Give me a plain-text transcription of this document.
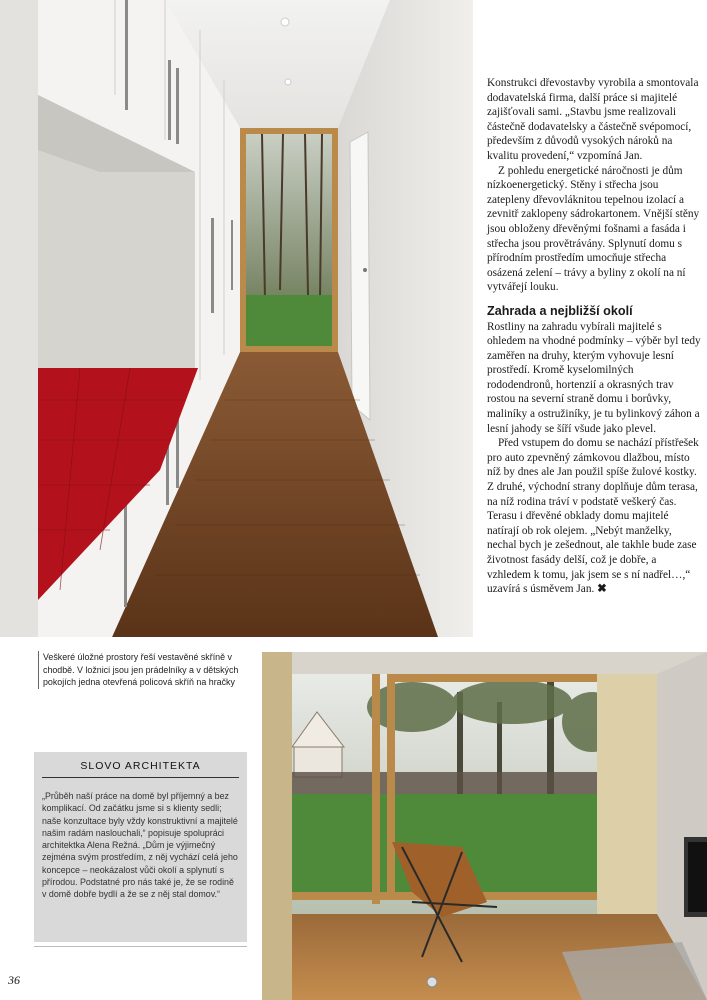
Konstrukci dřevostavby vyrobila a smontovala dodavatelská firma, další práce si majitelé zajišťovali sami. „Stavbu jsme realizovali částečně dodavatelsky a částečně svépomocí, především z důvodů vysokých nároků na kvalitu provedení,“ vzpomíná Jan.

Z pohledu energetické náročnosti je dům nízkoenergetický. Stěny i střecha jsou zatepleny dřevovláknitou tepelnou izolací a zevnitř zaklopeny sádrokartonem. Vnější stěny jsou obloženy dřevěnými fošnami a fasáda i střecha jsou provětrávány. Splynutí domu s přírodním prostředím umocňuje střecha osázená zelení – trávy a byliny z okolí na ní vytvářejí louku.

Zahrada a nejbližší okolí

Rostliny na zahradu vybírali majitelé s ohledem na vhodné podmínky – výběr byl tedy zaměřen na druhy, kterým vyhovuje lesní prostředí. Kromě kyselomilných rododendronů, hortenzií a okrasných trav rostou na severní straně domu i borůvky, maliníky a ostružiníky, je tu bylinkový záhon a lesní jahody se šíří všude jako plevel.

Před vstupem do domu se nachází přístřešek pro auto zpevněný zámkovou dlažbou, místo níž by dnes ale Jan použil spíše žulové kostky. Z druhé, východní strany doplňuje dům terasa, na níž rodina tráví v podstatě veškerý čas. Terasu i dřevěné obklady domu majitelé natírají ob rok olejem. „Nebýt manželky, nechal bych je zešednout, ale takhle bude zase životnost fasády delší, což je dobře, a vzhledem k tomu, jak jsem se s ní nadřel…,“ uzavírá s úsměvem Jan. ✖

Veškeré úložné prostory řeší vestavěné skříně v chodbě. V ložnici jsou jen prádelníky a v dětských pokojích jedna otevřená policová skříň na hračky
SLOVO ARCHITEKTA

„Průběh naší práce na domě byl příjemný a bez komplikací. Od začátku jsme si s klienty sedli; naše konzultace byly vždy konstruktivní a majitelé našim radám naslouchali,“ popisuje spolupráci architektka Alena Režná. „Dům je výjimečný zejména svým prostředím, z něj vychází celá jeho koncepce – neokázalost vůči okolí a splynutí s přírodou. Podstatné pro nás také je, že se rodině v domě dobře bydlí a že se z něj stal domov.“

36
